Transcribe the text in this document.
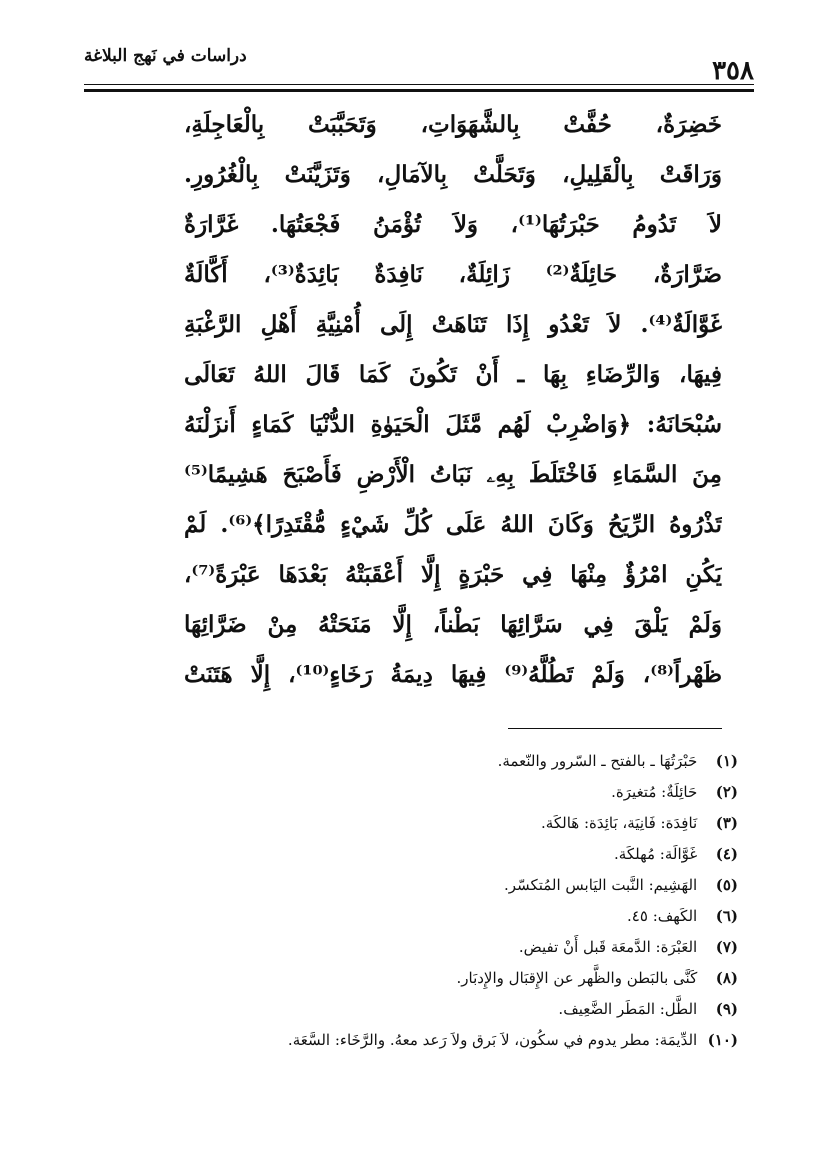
٣٥٨
دراسات في نَهج البلاغة
خَضِرَةٌ، حُفَّتْ بِالشَّهَوَاتِ، وَتَحَبَّبَتْ بِالْعَاجِلَةِ،
وَرَاقَتْ بِالْقَلِيلِ، وَتَحَلَّتْ بِالآمَالِ، وَتَزَيَّنَتْ بِالْغُرُورِ.
لاَ تَدُومُ حَبْرَتُهَا⁽¹⁾، وَلاَ تُؤْمَنُ فَجْعَتُهَا. غَرَّارَةٌ
ضَرَّارَةٌ، حَائِلَةٌ⁽²⁾ زَائِلَةٌ، نَافِدَةٌ بَائِدَةٌ⁽³⁾، أَكَّالَةٌ
غَوَّالَةٌ⁽⁴⁾. لاَ تَعْدُو إِذَا تَنَاهَتْ إِلَى أُمْنِيَّةِ أَهْلِ الرَّغْبَةِ
فِيهَا، وَالرِّضَاءِ بِهَا ـ أَنْ تَكُونَ كَمَا قَالَ اللهُ تَعَالَى
سُبْحَانَهُ: ﴿وَاضْرِبْ لَهُم مَّثَلَ الْحَيَوٰةِ الدُّنْيَا كَمَاءٍ أَنزَلْنَهُ
مِنَ السَّمَاءِ فَاخْتَلَطَ بِهِۦ نَبَاتُ الْأَرْضِ فَأَصْبَحَ هَشِيمًا⁽⁵⁾
تَذْرُوهُ الرِّيَحُ وَكَانَ اللهُ عَلَى كُلِّ شَيْءٍ مُّقْتَدِرًا﴾⁽⁶⁾. لَمْ
يَكُنِ امْرُؤٌ مِنْهَا فِي حَبْرَةٍ إِلَّا أَعْقَبَتْهُ بَعْدَهَا عَبْرَةً⁽⁷⁾،
وَلَمْ يَلْقَ فِي سَرَّائِهَا بَطْناً، إِلَّا مَنَحَتْهُ مِنْ ضَرَّائِهَا
ظَهْراً⁽⁸⁾، وَلَمْ تَطُلَّهُ⁽⁹⁾ فِيهَا دِيمَةُ رَخَاءٍ⁽¹⁰⁾، إِلَّا هَتَنَتْ
(١) حَبْرَتُهَا ـ بالفتح ـ السّرور والنّعمة.
(٢) حَائِلَةٌ: مُتغيرَة.
(٣) نَافِدَة: فَانِيَة، بَائِدَة: هَالكَة.
(٤) غَوَّالَة: مُهلكَة.
(٥) الهَشِيم: النَّبت اليَابس المُتكسّر.
(٦) الكَهف: ٤٥.
(٧) العَبْرَة: الدَّمعَة قَبل أَنْ تفيض.
(٨) كَنَّى بالبَطن والظَّهر عن الإِقبَال والإِدبَار.
(٩) الطَّل: المَطَر الضَّعِيف.
(١٠) الدِّيمَة: مطر يدوم في سكُون، لاَ بَرق ولاَ رَعد معهُ. والرَّخَاء: السَّعَة.
